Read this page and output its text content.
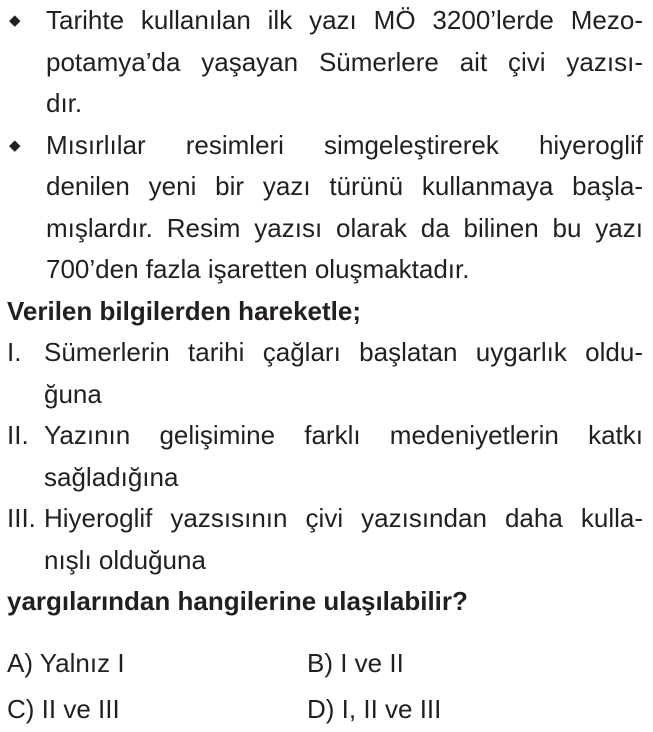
◆ Tarihte kullanılan ilk yazı MÖ 3200’lerde Mezo-
potamya’da yaşayan Sümerlere ait çivi yazısı-
dır.
◆ Mısırlılar resimleri simgeleştirerek hiyeroglif
denilen yeni bir yazı türünü kullanmaya başla-
mışlardır. Resim yazısı olarak da bilinen bu yazı
700’den fazla işaretten oluşmaktadır.
Verilen bilgilerden hareketle;
I. Sümerlerin tarihi çağları başlatan uygarlık oldu-
ğuna
II. Yazının gelişimine farklı medeniyetlerin katkı
sağladığına
III. Hiyeroglif yazsısının çivi yazısından daha kulla-
nışlı olduğuna
yargılarından hangilerine ulaşılabilir?
A) Yalnız I	B) I ve II
C) II ve III	D) I, II ve III
